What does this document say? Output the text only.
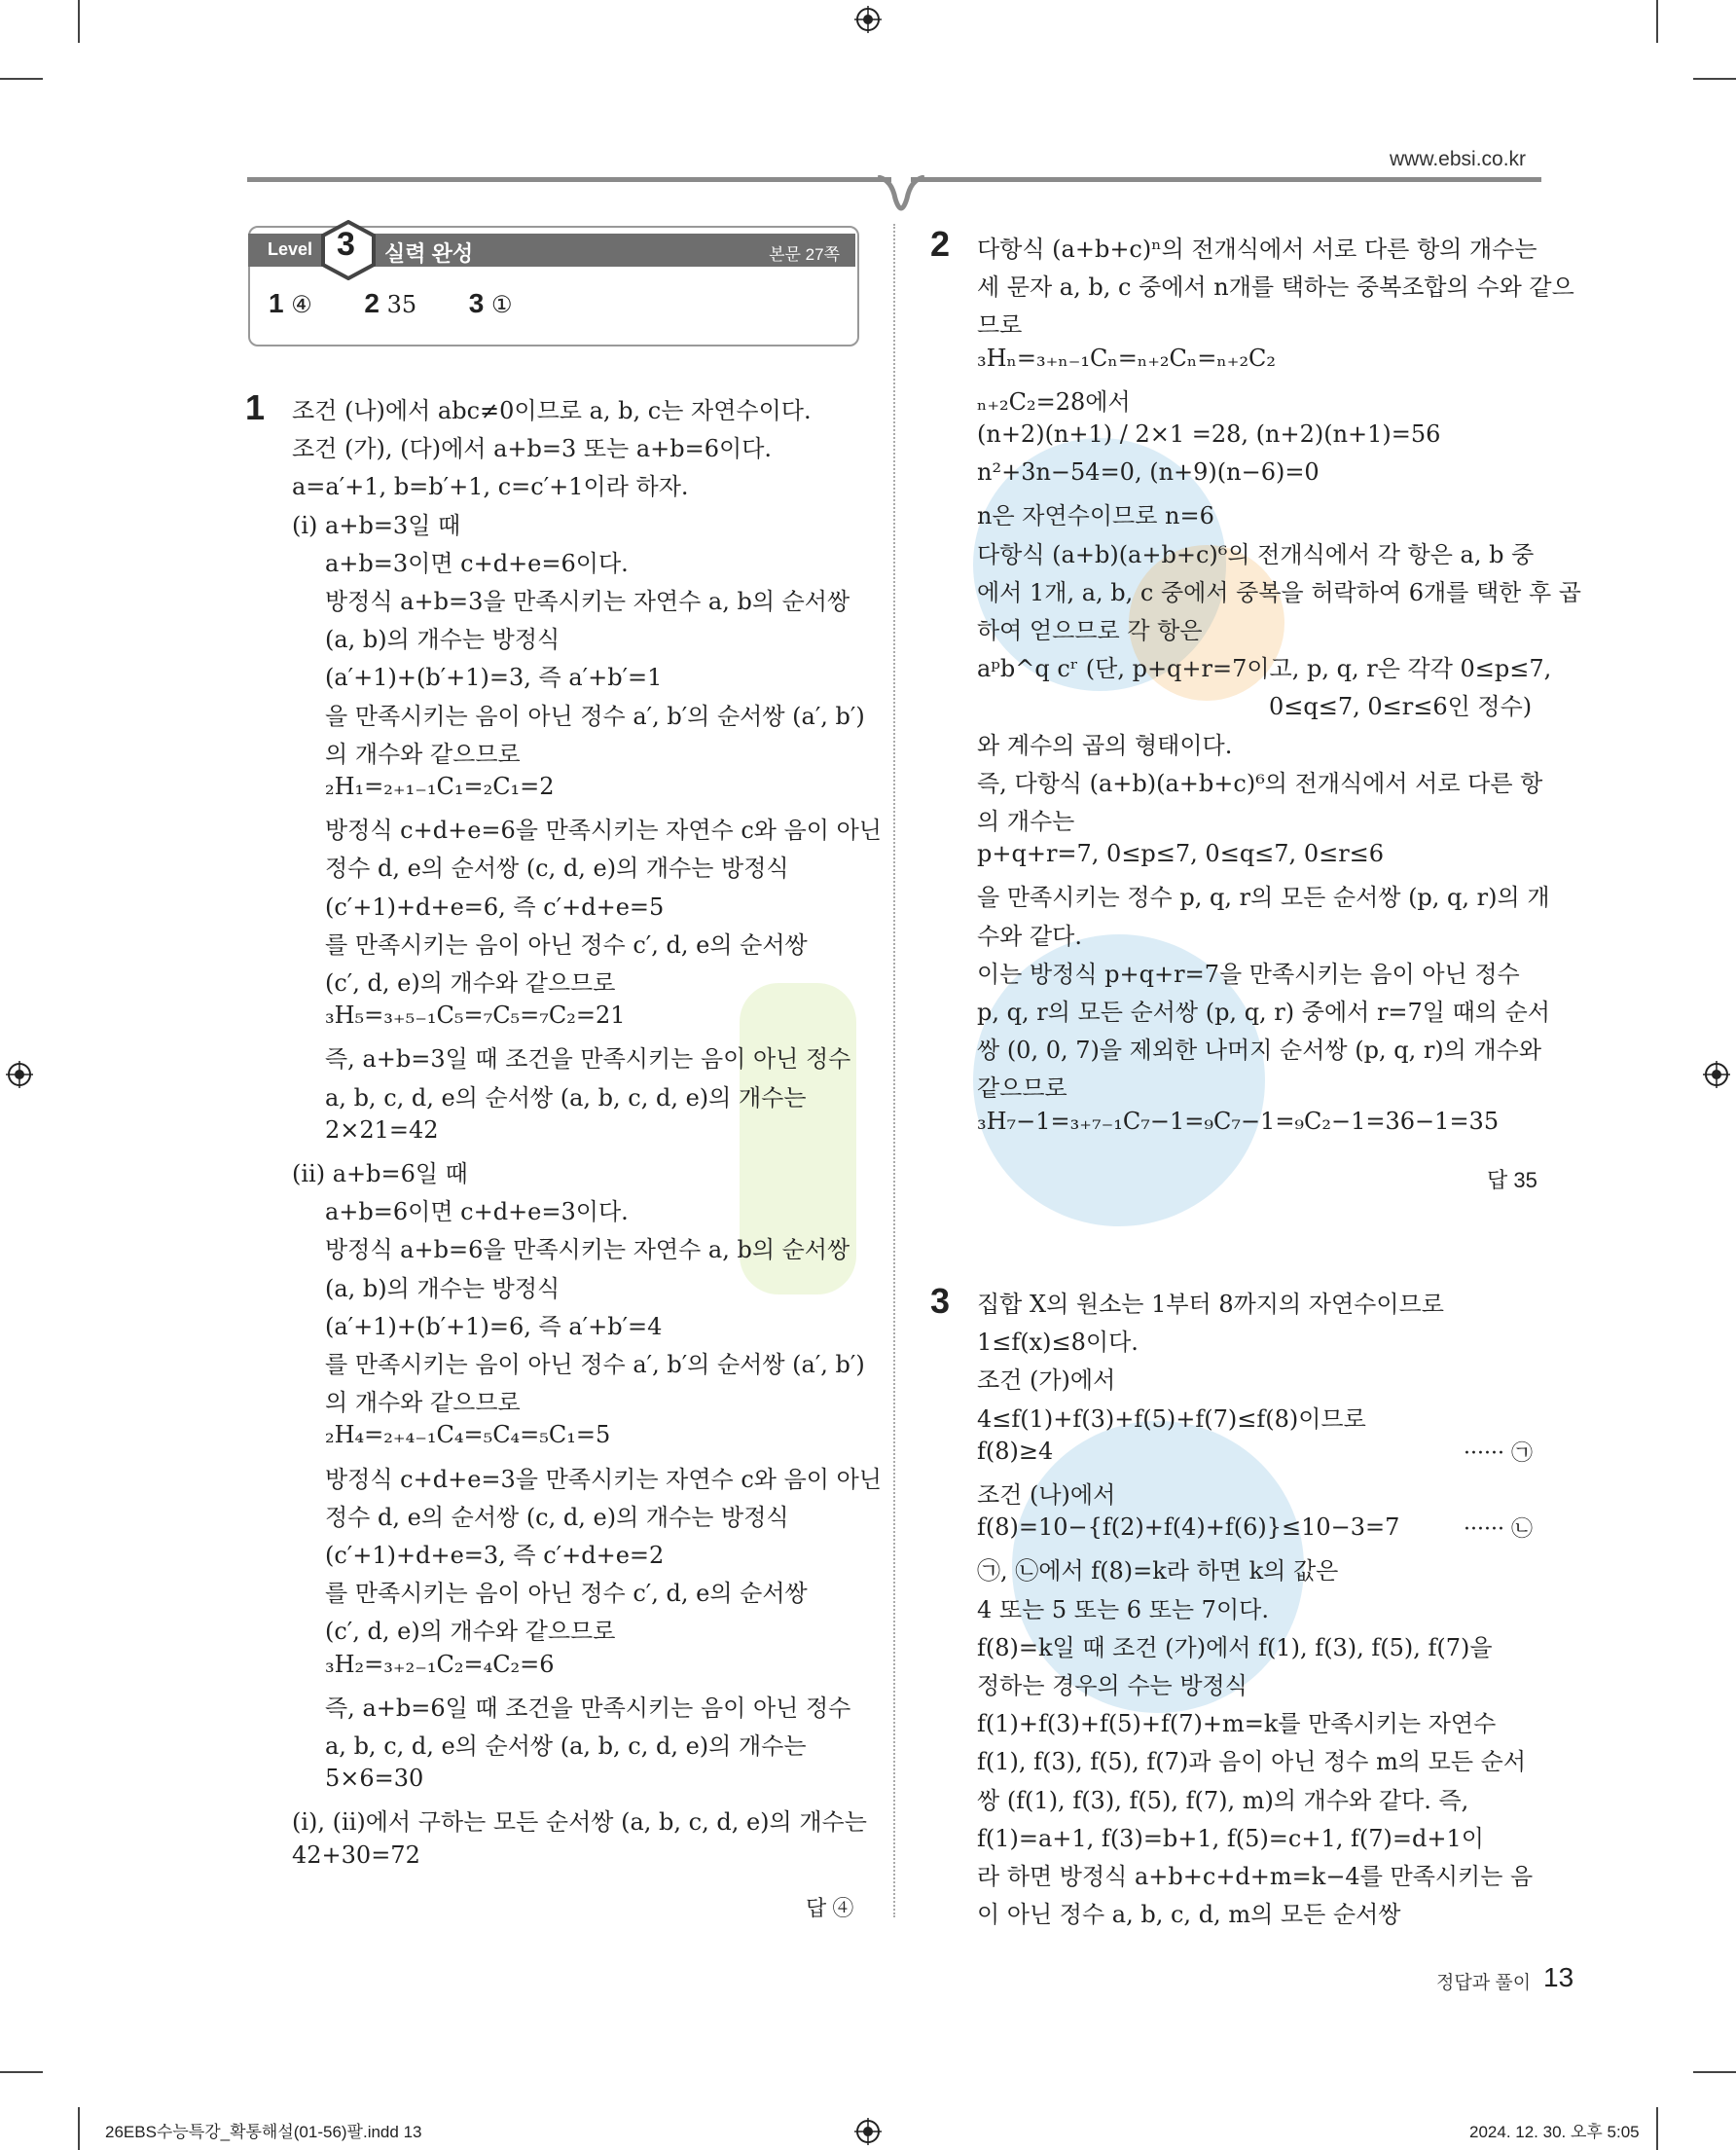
www.ebsi.co.kr
Level	실력 완성	본문 27쪽
3
1 ④ 2 35 3 ①
1 조건 (나)에서 abc≠0이므로 a, b, c는 자연수이다.
조건 (가), (다)에서 a+b=3 또는 a+b=6이다.
a=a′+1, b=b′+1, c=c′+1이라 하자.
(ⅰ) a+b=3일 때
a+b=3이면 c+d+e=6이다.
방정식 a+b=3을 만족시키는 자연수 a, b의 순서쌍
(a, b)의 개수는 방정식
(a′+1)+(b′+1)=3, 즉 a′+b′=1
을 만족시키는 음이 아닌 정수 a′, b′의 순서쌍 (a′, b′)
의 개수와 같으므로
₂H₁=₂₊₁₋₁C₁=₂C₁=2
방정식 c+d+e=6을 만족시키는 자연수 c와 음이 아닌
정수 d, e의 순서쌍 (c, d, e)의 개수는 방정식
(c′+1)+d+e=6, 즉 c′+d+e=5
를 만족시키는 음이 아닌 정수 c′, d, e의 순서쌍
(c′, d, e)의 개수와 같으므로
₃H₅=₃₊₅₋₁C₅=₇C₅=₇C₂=21
즉, a+b=3일 때 조건을 만족시키는 음이 아닌 정수
a, b, c, d, e의 순서쌍 (a, b, c, d, e)의 개수는
2×21=42
(ⅱ) a+b=6일 때
a+b=6이면 c+d+e=3이다.
방정식 a+b=6을 만족시키는 자연수 a, b의 순서쌍
(a, b)의 개수는 방정식
(a′+1)+(b′+1)=6, 즉 a′+b′=4
를 만족시키는 음이 아닌 정수 a′, b′의 순서쌍 (a′, b′)
의 개수와 같으므로
₂H₄=₂₊₄₋₁C₄=₅C₄=₅C₁=5
방정식 c+d+e=3을 만족시키는 자연수 c와 음이 아닌
정수 d, e의 순서쌍 (c, d, e)의 개수는 방정식
(c′+1)+d+e=3, 즉 c′+d+e=2
를 만족시키는 음이 아닌 정수 c′, d, e의 순서쌍
(c′, d, e)의 개수와 같으므로
₃H₂=₃₊₂₋₁C₂=₄C₂=6
즉, a+b=6일 때 조건을 만족시키는 음이 아닌 정수
a, b, c, d, e의 순서쌍 (a, b, c, d, e)의 개수는
5×6=30
(ⅰ), (ⅱ)에서 구하는 모든 순서쌍 (a, b, c, d, e)의 개수는
42+30=72
답 ④
2 다항식 (a+b+c)ⁿ의 전개식에서 서로 다른 항의 개수는
세 문자 a, b, c 중에서 n개를 택하는 중복조합의 수와 같으
므로
₃Hₙ=₃₊ₙ₋₁Cₙ=ₙ₊₂Cₙ=ₙ₊₂C₂
ₙ₊₂C₂=28에서
(n+2)(n+1) / 2×1 =28, (n+2)(n+1)=56
n²+3n−54=0, (n+9)(n−6)=0
n은 자연수이므로 n=6
다항식 (a+b)(a+b+c)⁶의 전개식에서 각 항은 a, b 중
에서 1개, a, b, c 중에서 중복을 허락하여 6개를 택한 후 곱
하여 얻으므로 각 항은
aᵖb^q cʳ (단, p+q+r=7이고, p, q, r은 각각 0≤p≤7,
0≤q≤7, 0≤r≤6인 정수)
와 계수의 곱의 형태이다.
즉, 다항식 (a+b)(a+b+c)⁶의 전개식에서 서로 다른 항
의 개수는
p+q+r=7, 0≤p≤7, 0≤q≤7, 0≤r≤6
을 만족시키는 정수 p, q, r의 모든 순서쌍 (p, q, r)의 개
수와 같다.
이는 방정식 p+q+r=7을 만족시키는 음이 아닌 정수
p, q, r의 모든 순서쌍 (p, q, r) 중에서 r=7일 때의 순서
쌍 (0, 0, 7)을 제외한 나머지 순서쌍 (p, q, r)의 개수와
같으므로
₃H₇−1=₃₊₇₋₁C₇−1=₉C₇−1=₉C₂−1=36−1=35
답 35
3 집합 X의 원소는 1부터 8까지의 자연수이므로
1≤f(x)≤8이다.
조건 (가)에서
4≤f(1)+f(3)+f(5)+f(7)≤f(8)이므로
f(8)≥4
조건 (나)에서
f(8)=10−{f(2)+f(4)+f(6)}≤10−3=7
㉠, ㉡에서 f(8)=k라 하면 k의 값은
4 또는 5 또는 6 또는 7이다.
f(8)=k일 때 조건 (가)에서 f(1), f(3), f(5), f(7)을
정하는 경우의 수는 방정식
f(1)+f(3)+f(5)+f(7)+m=k를 만족시키는 자연수
f(1), f(3), f(5), f(7)과 음이 아닌 정수 m의 모든 순서
쌍 (f(1), f(3), f(5), f(7), m)의 개수와 같다. 즉,
f(1)=a+1, f(3)=b+1, f(5)=c+1, f(7)=d+1이
라 하면 방정식 a+b+c+d+m=k−4를 만족시키는 음
이 아닌 정수 a, b, c, d, m의 모든 순서쌍
······ ㉠
······ ㉡
정답과 풀이 13
26EBS수능특강_확통해설(01-56)팔.indd 13	2024. 12. 30. 오후 5:05
